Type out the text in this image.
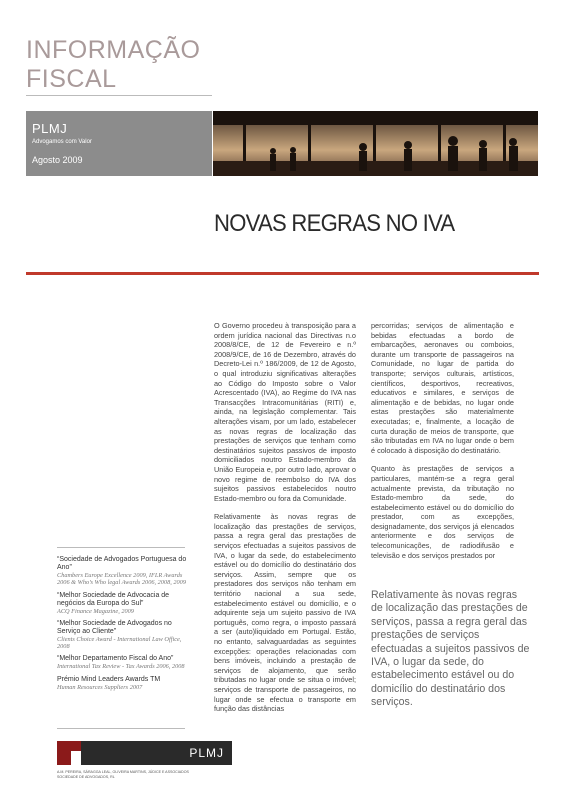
INFORMAÇÃO
FISCAL
PLMJ
Advogamos com Valor
Agosto 2009
NOVAS REGRAS NO IVA

O Governo procedeu à transposição para a ordem jurídica nacional das Directivas n.o 2008/8/CE, de 12 de Fevereiro e n.º 2008/9/CE, de 16 de Dezembro, através do Decreto-Lei n.º 186/2009, de 12 de Agosto, o qual introduziu significativas alterações ao Código do Imposto sobre o Valor Acrescentado (IVA), ao Regime do IVA nas Transacções Intracomunitárias (RITI) e, ainda, na legislação complementar. Tais alterações visam, por um lado, estabelecer as novas regras de localização das prestações de serviços que tenham como destinatários sujeitos passivos de imposto domiciliados noutro Estado-membro da União Europeia e, por outro lado, aprovar o novo regime de reembolso do IVA dos sujeitos passivos estabelecidos noutro Estado-membro ou fora da Comunidade.

Relativamente às novas regras de localização das prestações de serviços, passa a regra geral das prestações de serviços efectuadas a sujeitos passivos de IVA, o lugar da sede, do estabelecimento estável ou do domicílio do destinatário dos serviços. Assim, sempre que os prestadores dos serviços não tenham em território nacional a sua sede, estabelecimento estável ou domicílio, e o adquirente seja um sujeito passivo de IVA português, como regra, o imposto passará a ser (auto)liquidado em Portugal. Estão, no entanto, salvaguardadas as seguintes excepções: operações relacionadas com bens imóveis, incluindo a prestação de serviços de alojamento, que serão tributadas no lugar onde se situa o imóvel; serviços de transporte de passageiros, no lugar onde se efectua o transporte em função das distâncias

percorridas; serviços de alimentação e bebidas efectuadas a bordo de embarcações, aeronaves ou comboios, durante um transporte de passageiros na Comunidade, no lugar de partida do transporte; serviços culturais, artísticos, científicos, desportivos, recreativos, educativos e similares, e serviços de alimentação e de bebidas, no lugar onde estas prestações são materialmente executadas; e, finalmente, a locação de curta duração de meios de transporte, que são tributadas em IVA no lugar onde o bem é colocado à disposição do destinatário.

Quanto às prestações de serviços a particulares, mantém-se a regra geral actualmente prevista, da tributação no Estado-membro da sede, do estabelecimento estável ou do domicílio do prestador, com as excepções, designadamente, dos serviços já elencados anteriormente e dos serviços de telecomunicações, de radiodifusão e televisão e dos serviços prestados por

Relativamente às novas regras de localização das prestações de serviços, passa a regra geral das prestações de serviços efectuadas a sujeitos passivos de IVA, o lugar da sede, do estabelecimento estável ou do domicílio do destinatário dos serviços.
“Sociedade de Advogados Portuguesa do Ano”
Chambers Europe Excellence 2009, IFLR Awards 2006 & Who’s Who legal Awards 2006, 2008, 2009
“Melhor Sociedade de Advocacia de negócios da Europa do Sul”
ACQ Finance Magazine, 2009
“Melhor Sociedade de Advogados no Serviço ao Cliente”
Clients Choice Award - International Law Office, 2008
“Melhor Departamento Fiscal do Ano”
International Tax Review - Tax Awards 2006, 2008
Prémio Mind Leaders Awards TM
Human Resources Suppliers 2007
PLMJ
A.M. PEREIRA, SÁRAGGA LEAL, OLIVEIRA MARTINS, JÚDICE E ASSOCIADOS
SOCIEDADE DE ADVOGADOS, RL
